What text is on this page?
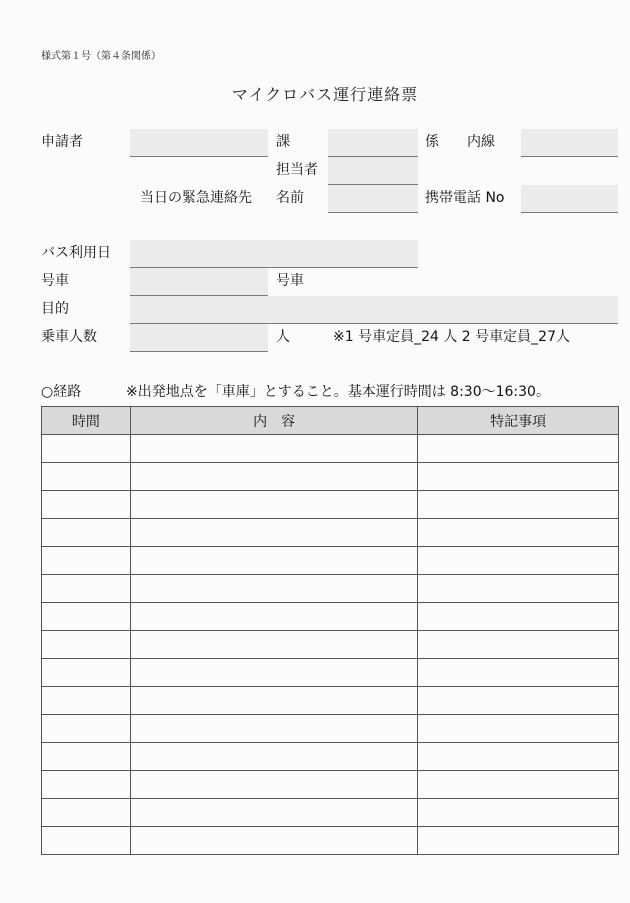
様式第１号（第４条関係）
マイクロバス運行連絡票
申請者	課	係 内線
担当者
当日の緊急連絡先 名前	携帯電話 No
バス利用日
号車	号車
目的
乗車人数	人	※1 号車定員_24 人 2 号車定員_27人
○経路	※出発地点を「車庫」とすること。基本運行時間は 8:30～16:30。
時間	内　容	特記事項
